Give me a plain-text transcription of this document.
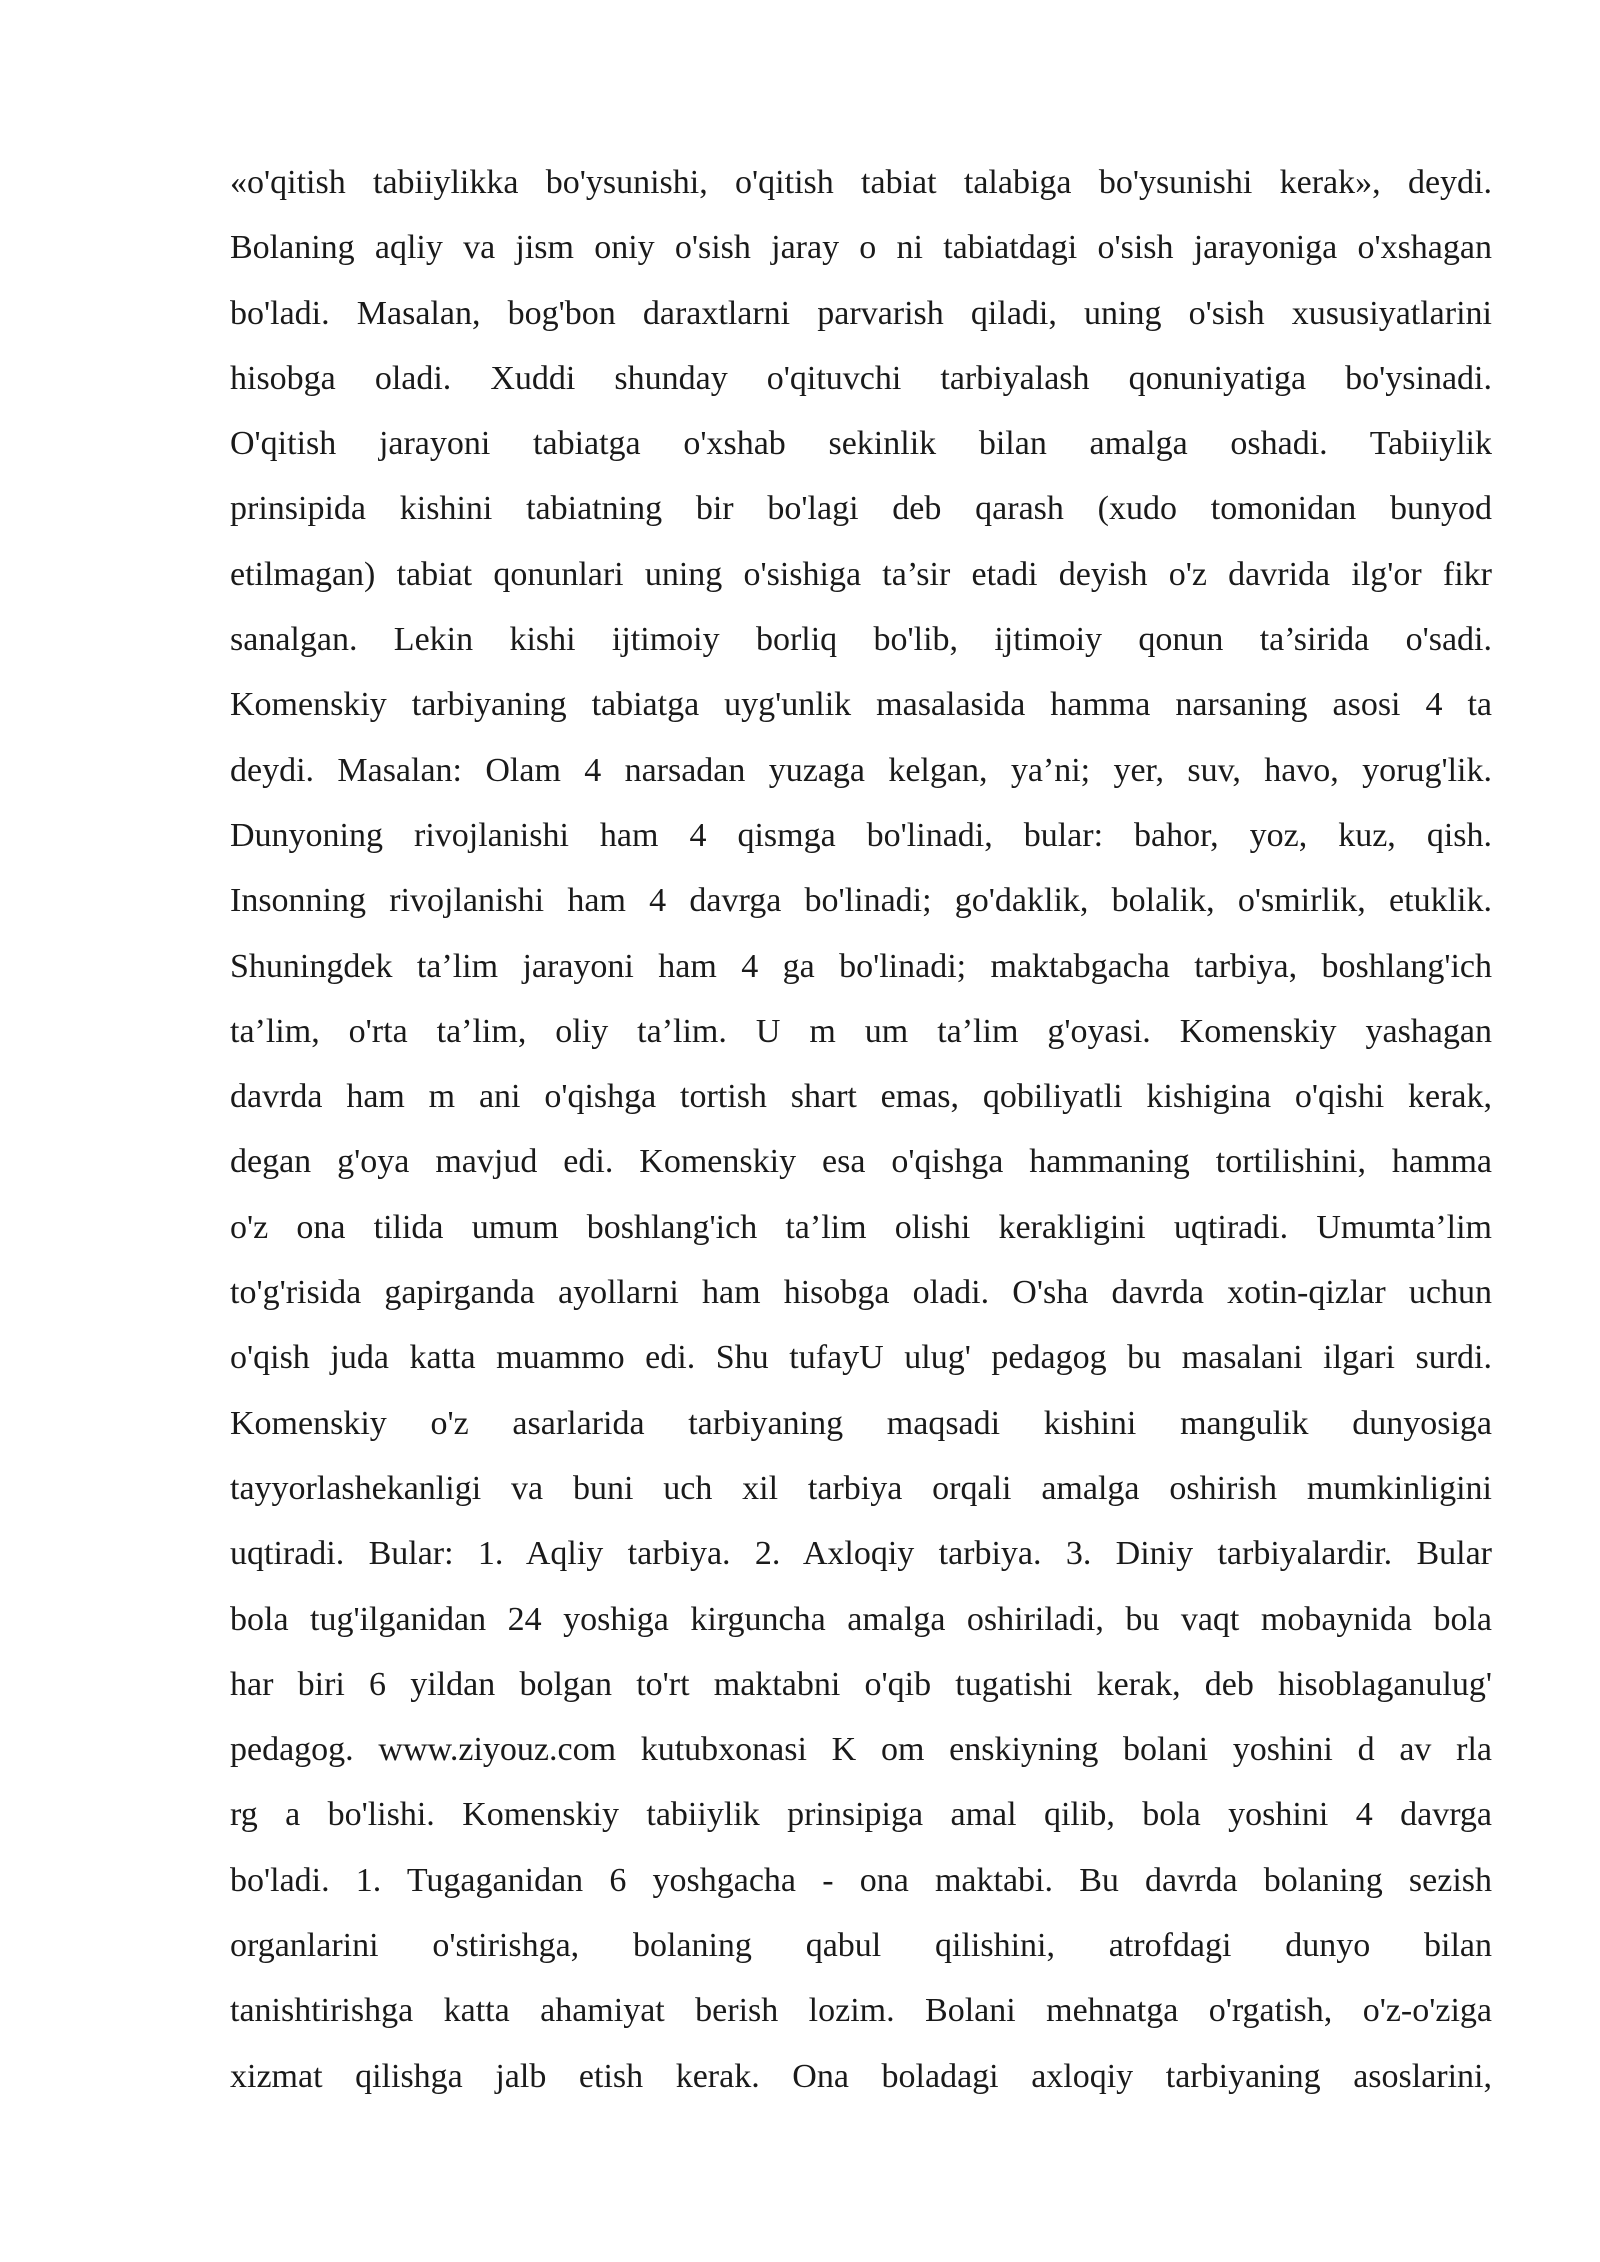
«o'qitish tabiiylikka bo'ysunishi, o'qitish tabiat talabiga bo'ysunishi kerak», deydi.
Bolaning aqliy va jism oniy o'sish jaray o ni tabiatdagi o'sish jarayoniga o'xshagan
bo'ladi. Masalan, bog'bon daraxtlarni parvarish qiladi, uning o'sish xususiyatlarini
hisobga oladi. Xuddi shunday o'qituvchi tarbiyalash qonuniyatiga bo'ysinadi.
O'qitish jarayoni tabiatga o'xshab sekinlik bilan amalga oshadi. Tabiiylik
prinsipida kishini tabiatning bir bo'lagi deb qarash (xudo tomonidan bunyod
etilmagan) tabiat qonunlari uning o'sishiga ta’sir etadi deyish o'z davrida ilg'or fikr
sanalgan. Lekin kishi ijtimoiy borliq bo'lib, ijtimoiy qonun ta’sirida o'sadi.
Komenskiy tarbiyaning tabiatga uyg'unlik masalasida hamma narsaning asosi 4 ta
deydi. Masalan: Olam 4 narsadan yuzaga kelgan, ya’ni; yer, suv, havo, yorug'lik.
Dunyoning rivojlanishi ham 4 qismga bo'linadi, bular: bahor, yoz, kuz, qish.
Insonning rivojlanishi ham 4 davrga bo'linadi; go'daklik, bolalik, o'smirlik, etuklik.
Shuningdek ta’lim jarayoni ham 4 ga bo'linadi; maktabgacha tarbiya, boshlang'ich
ta’lim, o'rta ta’lim, oliy ta’lim. U m um ta’lim g'oyasi. Komenskiy yashagan
davrda ham m ani o'qishga tortish shart emas, qobiliyatli kishigina o'qishi kerak,
degan g'oya mavjud edi. Komenskiy esa o'qishga hammaning tortilishini, hamma
o'z ona tilida umum boshlang'ich ta’lim olishi kerakligini uqtiradi. Umumta’lim
to'g'risida gapirganda ayollarni ham hisobga oladi. O'sha davrda xotin-qizlar uchun
o'qish juda katta muammo edi. Shu tufayU ulug' pedagog bu masalani ilgari surdi.
Komenskiy o'z asarlarida tarbiyaning maqsadi kishini mangulik dunyosiga
tayyorlashekanligi va buni uch xil tarbiya orqali amalga oshirish mumkinligini
uqtiradi. Bular: 1. Aqliy tarbiya. 2. Axloqiy tarbiya. 3. Diniy tarbiyalardir. Bular
bola tug'ilganidan 24 yoshiga kirguncha amalga oshiriladi, bu vaqt mobaynida bola
har biri 6 yildan bolgan to'rt maktabni o'qib tugatishi kerak, deb hisoblaganulug'
pedagog. www.ziyouz.com kutubxonasi K om enskiyning bolani yoshini d av rla
rg a bo'lishi. Komenskiy tabiiylik prinsipiga amal qilib, bola yoshini 4 davrga
bo'ladi. 1. Tugaganidan 6 yoshgacha - ona maktabi. Bu davrda bolaning sezish
organlarini o'stirishga, bolaning qabul qilishini, atrofdagi dunyo bilan
tanishtirishga katta ahamiyat berish lozim. Bolani mehnatga o'rgatish, o'z-o'ziga
xizmat qilishga jalb etish kerak. Ona boladagi axloqiy tarbiyaning asoslarini,
